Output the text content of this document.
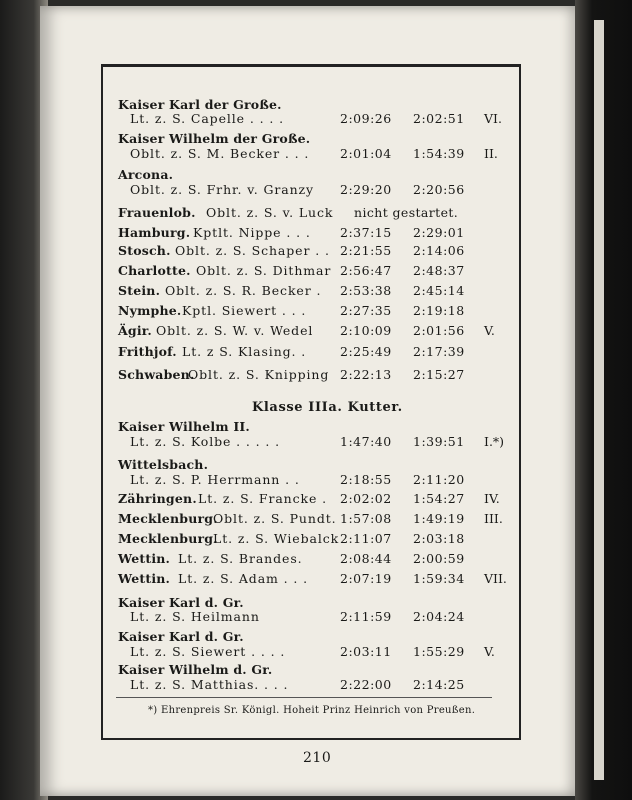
Kaiser Karl der Große.
Lt. z. S. Capelle . . . .	2:09:26 2:02:51 VI.
Kaiser Wilhelm der Große.
Oblt. z. S. M. Becker . . . 2:01:04 1:54:39 II.
Arcona.
Oblt. z. S. Frhr. v. Granzy 2:29:20 2:20:56
Frauenlob. Oblt. z. S. v. Luck nicht gestartet.
Hamburg. Kptlt. Nippe . . . 2:37:15 2:29:01
Stosch. Oblt. z. S. Schaper . . 2:21:55 2:14:06
Charlotte. Oblt. z. S. Dithmar 2:56:47 2:48:37
Stein. Oblt. z. S. R. Becker . 2:53:38 2:45:14
Nymphe. Kptl. Siewert . . .	2:27:35 2:19:18
Ägir. Oblt. z. S. W. v. Wedel 2:10:09 2:01:56 V.
Frithjof. Lt. z S. Klasing. .	2:25:49 2:17:39
Schwaben.
Oblt. z. S. Knipping 2:22:13 2:15:27
Klasse IIIa. Kutter.
Kaiser Wilhelm II.
Lt. z. S. Kolbe . . . . .	1:47:40 1:39:51 I.*)
Wittelsbach.
Lt. z. S. P. Herrmann . .	2:18:55 2:11:20
Zähringen. Lt. z. S. Francke . 2:02:02 1:54:27 IV.
Mecklenburg.
Oblt. z. S. Pundt. 1:57:08 1:49:19 III.
Mecklenburg.
Lt. z. S. Wiebalck 2:11:07 2:03:18
Wettin. Lt. z. S. Brandes.	2:08:44 2:00:59
Wettin. Lt. z. S. Adam . . .	2:07:19 1:59:34 VII.
Kaiser Karl d. Gr.
Lt. z. S. Heilmann	2:11:59 2:04:24
Kaiser Karl d. Gr.
Lt. z. S. Siewert . . . .	2:03:11 1:55:29 V.
Kaiser Wilhelm d. Gr.
Lt. z. S. Matthias. . . .	2:22:00 2:14:25
*) Ehrenpreis Sr. Königl. Hoheit Prinz Heinrich von Preußen.
210
